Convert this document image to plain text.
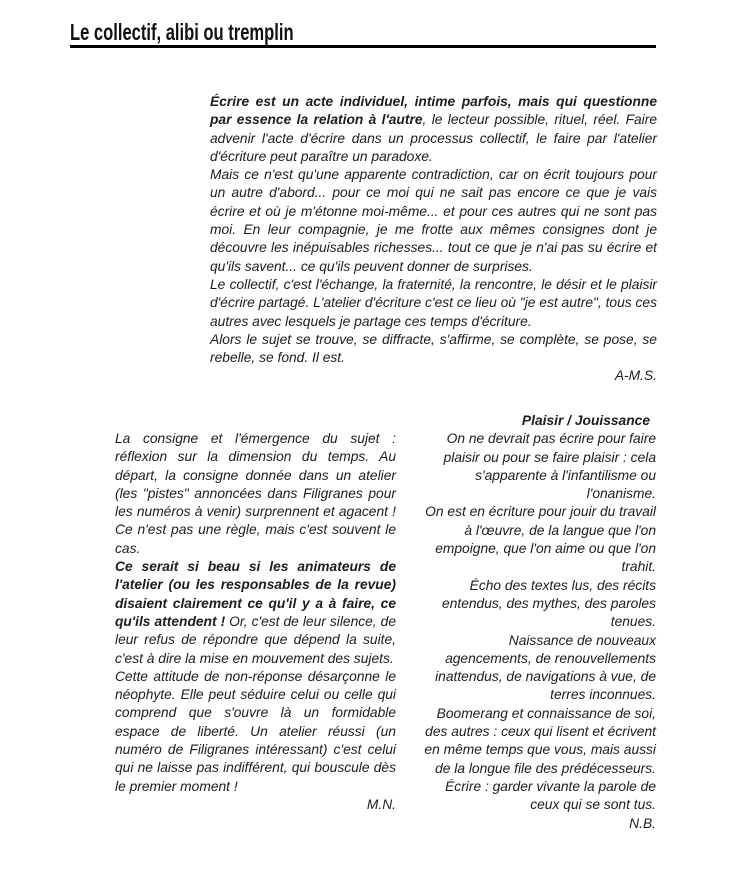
Le collectif, alibi ou tremplin

Écrire est un acte individuel, intime parfois, mais qui questionne par essence la relation à l'autre, le lecteur possible, rituel, réel. Faire advenir l'acte d'écrire dans un processus collectif, le faire par l'atelier d'écriture peut paraître un paradoxe.

Mais ce n'est qu'une apparente contradiction, car on écrit toujours pour un autre d'abord... pour ce moi qui ne sait pas encore ce que je vais écrire et où je m'étonne moi-même... et pour ces autres qui ne sont pas moi. En leur compagnie, je me frotte aux mêmes consignes dont je découvre les inépuisables richesses... tout ce que je n'ai pas su écrire et qu'ils savent... ce qu'ils peuvent donner de surprises.

Le collectif, c'est l'échange, la fraternité, la rencontre, le désir et le plaisir d'écrire partagé. L'atelier d'écriture c'est ce lieu où "je est autre", tous ces autres avec lesquels je partage ces temps d'écriture.

Alors le sujet se trouve, se diffracte, s'affirme, se complète, se pose, se rebelle, se fond. Il est.

A-M.S.

La consigne et l'émergence du sujet : réflexion sur la dimension du temps. Au départ, la consigne donnée dans un atelier (les "pistes" annoncées dans Filigranes pour les numéros à venir) surprennent et agacent ! Ce n'est pas une règle, mais c'est souvent le cas.

Ce serait si beau si les animateurs de l'atelier (ou les responsables de la revue) disaient clairement ce qu'il y a à faire, ce qu'ils attendent ! Or, c'est de leur silence, de leur refus de répondre que dépend la suite, c'est à dire la mise en mouvement des sujets.

Cette attitude de non-réponse désarçonne le néophyte. Elle peut séduire celui ou celle qui comprend que s'ouvre là un formidable espace de liberté. Un atelier réussi (un numéro de Filigranes intéressant) c'est celui qui ne laisse pas indifférent, qui bouscule dès le premier moment !

M.N.
Plaisir / Jouissance

On ne devrait pas écrire pour faire plaisir ou pour se faire plaisir : cela s'apparente à l'infantilisme ou l'onanisme.

On est en écriture pour jouir du travail à l'œuvre, de la langue que l'on empoigne, que l'on aime ou que l'on trahit.

Écho des textes lus, des récits entendus, des mythes, des paroles tenues.

Naissance de nouveaux agencements, de renouvellements inattendus, de navigations à vue, de terres inconnues.

Boomerang et connaissance de soi, des autres : ceux qui lisent et écrivent en même temps que vous, mais aussi de la longue file des prédécesseurs.

Écrire : garder vivante la parole de ceux qui se sont tus.

N.B.
